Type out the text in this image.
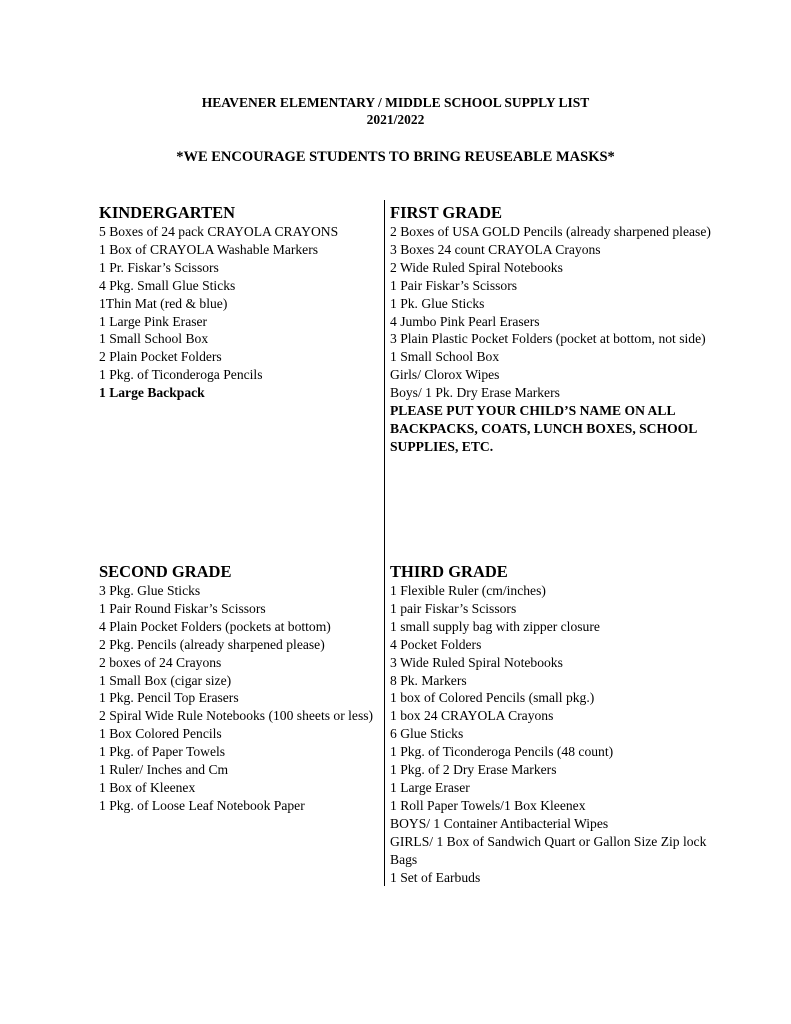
HEAVENER ELEMENTARY / MIDDLE SCHOOL SUPPLY LIST
2021/2022
*WE ENCOURAGE STUDENTS TO BRING REUSEABLE MASKS*
KINDERGARTEN
5 Boxes of 24 pack CRAYOLA CRAYONS
1 Box of CRAYOLA Washable Markers
1 Pr. Fiskar’s Scissors
4 Pkg. Small Glue Sticks
1Thin Mat (red & blue)
1 Large Pink Eraser
1 Small School Box
2 Plain Pocket Folders
1 Pkg. of Ticonderoga Pencils
1 Large Backpack
FIRST GRADE
2 Boxes of USA GOLD Pencils (already sharpened please)
3 Boxes 24 count CRAYOLA Crayons
2 Wide Ruled Spiral Notebooks
1 Pair Fiskar’s Scissors
1 Pk. Glue Sticks
4 Jumbo Pink Pearl Erasers
3 Plain Plastic Pocket Folders (pocket at bottom, not side)
1 Small School Box
Girls/ Clorox Wipes
Boys/ 1 Pk. Dry Erase Markers
PLEASE PUT YOUR CHILD’S NAME ON ALL BACKPACKS, COATS, LUNCH BOXES, SCHOOL SUPPLIES, ETC.
SECOND GRADE
3 Pkg. Glue Sticks
1 Pair Round Fiskar’s Scissors
4 Plain Pocket Folders (pockets at bottom)
2 Pkg. Pencils (already sharpened please)
2 boxes of 24 Crayons
1 Small Box (cigar size)
1 Pkg. Pencil Top Erasers
2 Spiral Wide Rule Notebooks (100 sheets or less)
1 Box Colored Pencils
1 Pkg. of Paper Towels
1 Ruler/ Inches and Cm
1 Box of Kleenex
1 Pkg. of Loose Leaf Notebook Paper
THIRD GRADE
1 Flexible Ruler (cm/inches)
1 pair Fiskar’s Scissors
1 small supply bag with zipper closure
4 Pocket Folders
3 Wide Ruled Spiral Notebooks
8 Pk. Markers
1 box of Colored Pencils (small pkg.)
1 box 24 CRAYOLA Crayons
6 Glue Sticks
1 Pkg. of Ticonderoga Pencils (48 count)
1 Pkg. of 2 Dry Erase Markers
1 Large Eraser
1 Roll Paper Towels/1 Box Kleenex
BOYS/ 1 Container Antibacterial Wipes
GIRLS/ 1 Box of Sandwich Quart or Gallon Size Zip lock Bags
1 Set of Earbuds
